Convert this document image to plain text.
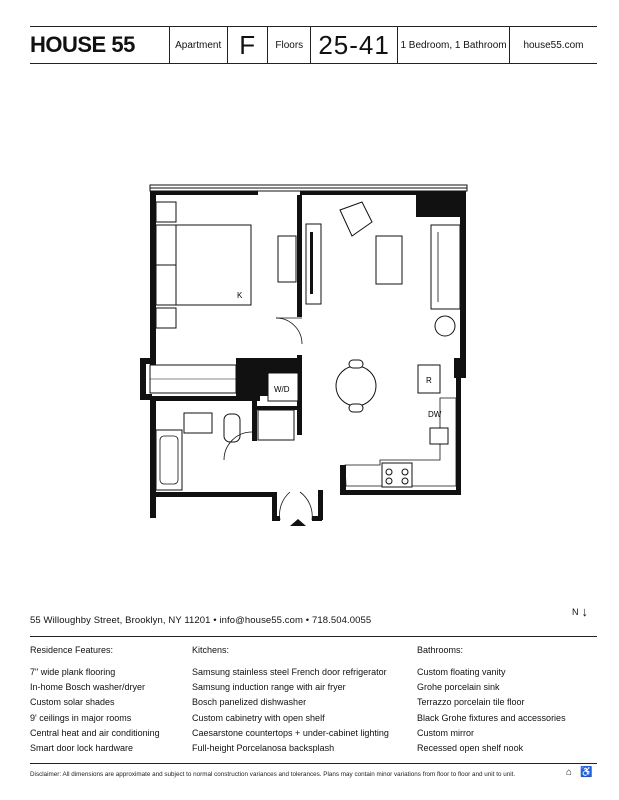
HOUSE 55	Apartment F Floors 25-41 1 Bedroom, 1 Bathroom house55.com
K
W/D
R
DW
55 Willoughby Street, Brooklyn, NY 11201 • info@house55.com • 718.504.0055
N ↓
Residence Features:
7" wide plank flooring
In-home Bosch washer/dryer
Custom solar shades
9' ceilings in major rooms
Central heat and air conditioning
Smart door lock hardware
Kitchens:
Samsung stainless steel French door refrigerator
Samsung induction range with air fryer
Bosch panelized dishwasher
Custom cabinetry with open shelf
Caesarstone countertops + under-cabinet lighting
Full-height Porcelanosa backsplash
Bathrooms:
Custom floating vanity
Grohe porcelain sink
Terrazzo porcelain tile floor
Black Grohe fixtures and accessories
Custom mirror
Recessed open shelf nook
Disclaimer: All dimensions are approximate and subject to normal construction variances and tolerances. Plans may contain minor variations from floor to floor and unit to unit.	⌂ ♿
